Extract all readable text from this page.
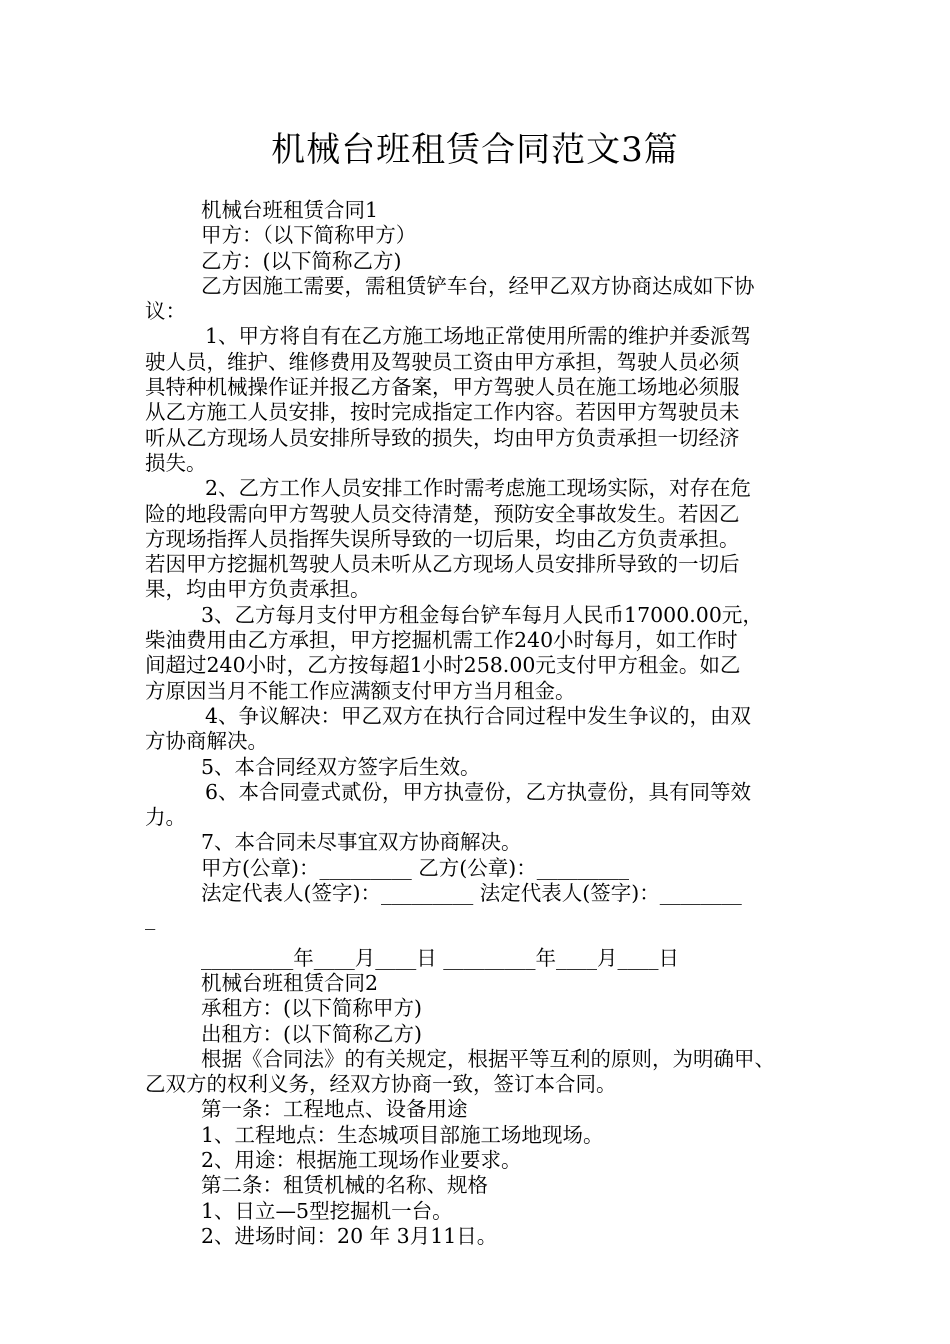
机械台班租赁合同范文3篇

机械台班租赁合同1

甲方：（以下简称甲方）

乙方：(以下简称乙方)

乙方因施工需要，需租赁铲车台，经甲乙双方协商达成如下协

议：

1、甲方将自有在乙方施工场地正常使用所需的维护并委派驾

驶人员，维护、维修费用及驾驶员工资由甲方承担，驾驶人员必须

具特种机械操作证并报乙方备案，甲方驾驶人员在施工场地必须服

从乙方施工人员安排，按时完成指定工作内容。若因甲方驾驶员未

听从乙方现场人员安排所导致的损失，均由甲方负责承担一切经济

损失。

2、乙方工作人员安排工作时需考虑施工现场实际，对存在危

险的地段需向甲方驾驶人员交待清楚，预防安全事故发生。若因乙

方现场指挥人员指挥失误所导致的一切后果，均由乙方负责承担。

若因甲方挖掘机驾驶人员未听从乙方现场人员安排所导致的一切后

果，均由甲方负责承担。

3、乙方每月支付甲方租金每台铲车每月人民币17000.00元，

柴油费用由乙方承担，甲方挖掘机需工作240小时每月，如工作时

间超过240小时，乙方按每超1小时258.00元支付甲方租金。如乙

方原因当月不能工作应满额支付甲方当月租金。

4、争议解决：甲乙双方在执行合同过程中发生争议的，由双

方协商解决。

5、本合同经双方签字后生效。

6、本合同壹式贰份，甲方执壹份，乙方执壹份，具有同等效

力。

7、本合同未尽事宜双方协商解决。

甲方(公章)：_________ 乙方(公章)：_________

法定代表人(签字)：_________ 法定代表人(签字)：________

_

_________年____月____日 _________年____月____日

机械台班租赁合同2

承租方：(以下简称甲方)

出租方：(以下简称乙方)

根据《合同法》的有关规定，根据平等互利的原则，为明确甲、

乙双方的权利义务，经双方协商一致，签订本合同。

第一条：工程地点、设备用途

1、工程地点：生态城项目部施工场地现场。

2、用途：根据施工现场作业要求。

第二条：租赁机械的名称、规格

1、日立—5型挖掘机一台。

2、进场时间：20 年 3月11日。
